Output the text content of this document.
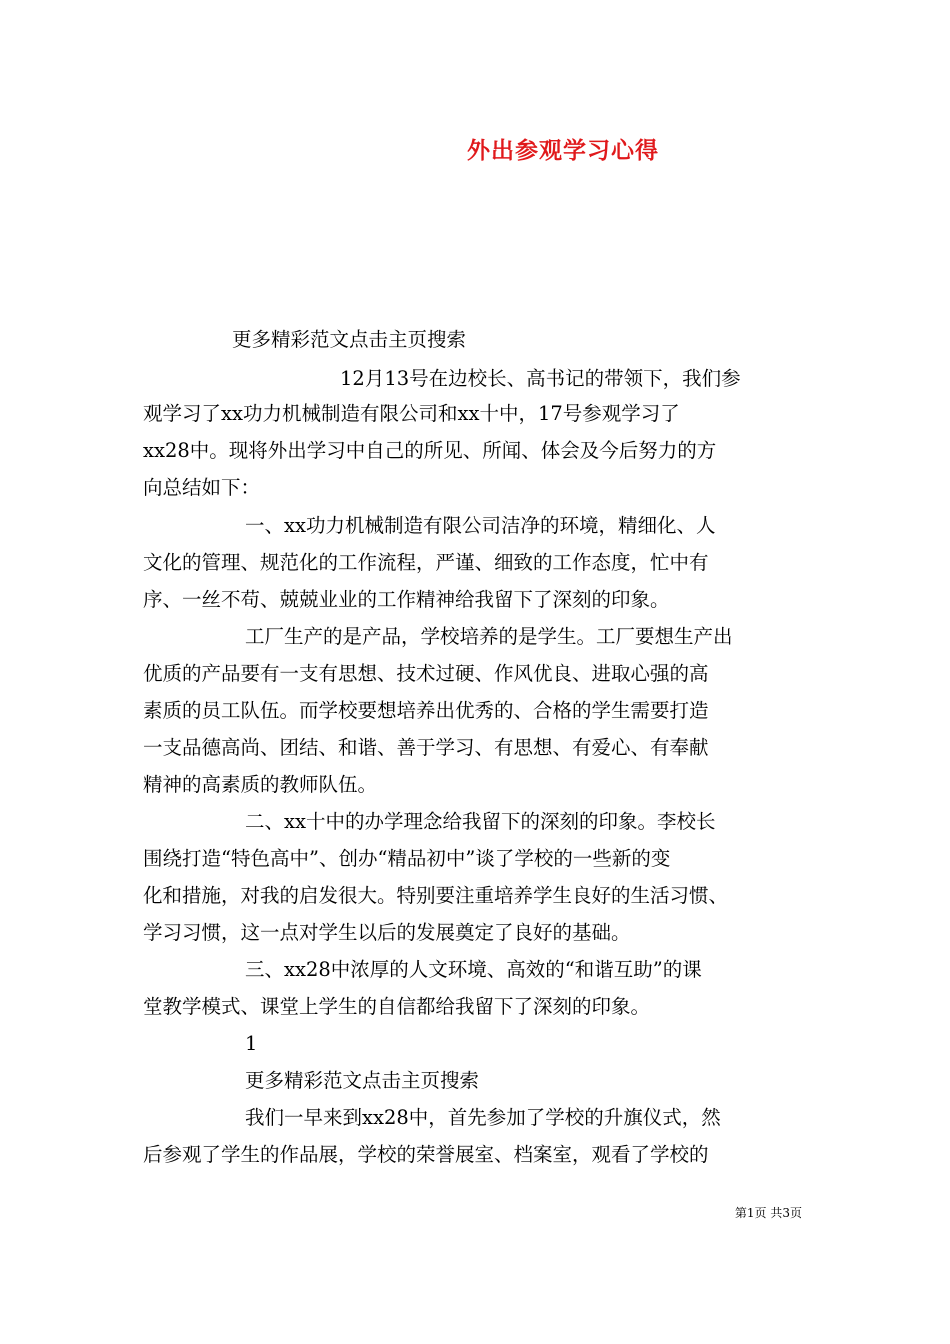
外出参观学习心得
更多精彩范文点击主页搜索
12月13号在边校长、高书记的带领下，我们参
观学习了xx功力机械制造有限公司和xx十中，17号参观学习了
xx28中。现将外出学习中自己的所见、所闻、体会及今后努力的方
向总结如下：
一、xx功力机械制造有限公司洁净的环境，精细化、人
文化的管理、规范化的工作流程，严谨、细致的工作态度，忙中有
序、一丝不苟、兢兢业业的工作精神给我留下了深刻的印象。
工厂生产的是产品，学校培养的是学生。工厂要想生产出
优质的产品要有一支有思想、技术过硬、作风优良、进取心强的高
素质的员工队伍。而学校要想培养出优秀的、合格的学生需要打造
一支品德高尚、团结、和谐、善于学习、有思想、有爱心、有奉献
精神的高素质的教师队伍。
二、xx十中的办学理念给我留下的深刻的印象。李校长
围绕打造“特色高中”、创办“精品初中”谈了学校的一些新的变
化和措施，对我的启发很大。特别要注重培养学生良好的生活习惯、
学习习惯，这一点对学生以后的发展奠定了良好的基础。
三、xx28中浓厚的人文环境、高效的“和谐互助”的课
堂教学模式、课堂上学生的自信都给我留下了深刻的印象。
1
更多精彩范文点击主页搜索
我们一早来到xx28中，首先参加了学校的升旗仪式，然
后参观了学生的作品展，学校的荣誉展室、档案室，观看了学校的
第1页 共3页
